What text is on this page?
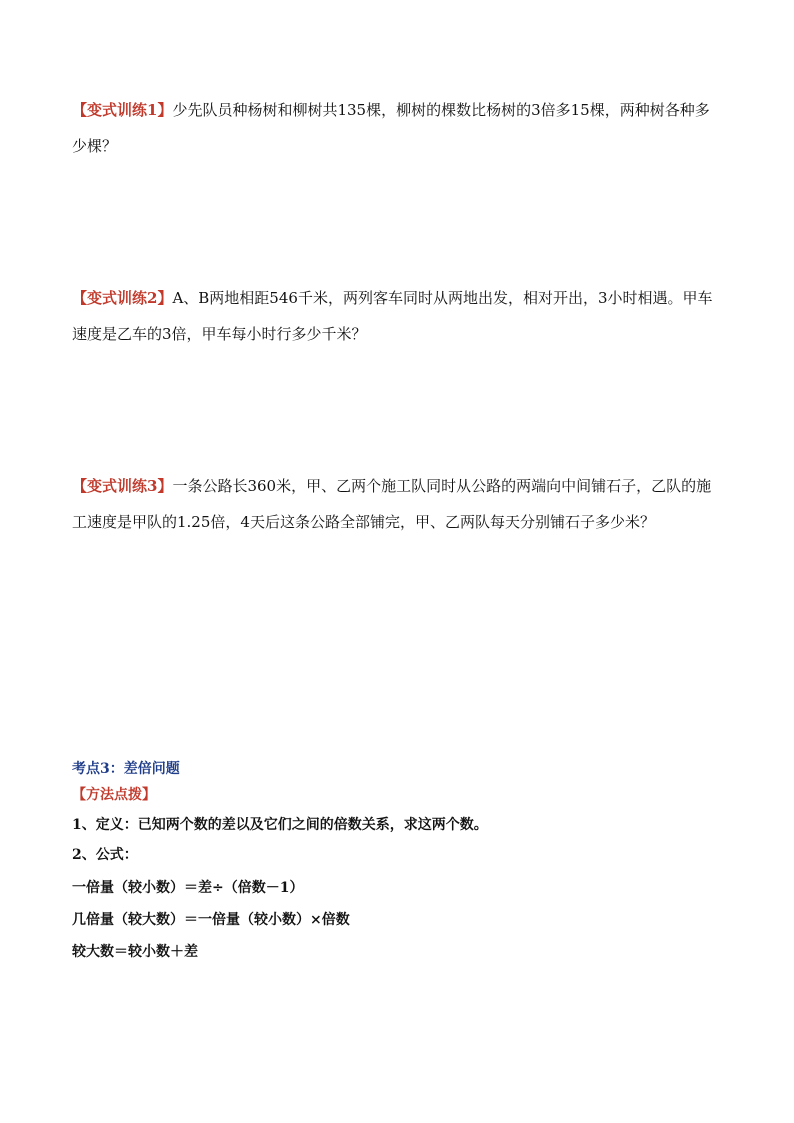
【变式训练1】少先队员种杨树和柳树共135棵，柳树的棵数比杨树的3倍多15棵，两种树各种多少棵？

【变式训练2】A、B两地相距546千米，两列客车同时从两地出发，相对开出，3小时相遇。甲车速度是乙车的3倍，甲车每小时行多少千米？

【变式训练3】一条公路长360米，甲、乙两个施工队同时从公路的两端向中间铺石子，乙队的施工速度是甲队的1.25倍，4天后这条公路全部铺完，甲、乙两队每天分别铺石子多少米？

考点3：差倍问题
【方法点拨】
1、定义：已知两个数的差以及它们之间的倍数关系，求这两个数。
2、公式：
一倍量（较小数）＝差÷（倍数－1）
几倍量（较大数）＝一倍量（较小数）×倍数
较大数＝较小数＋差
